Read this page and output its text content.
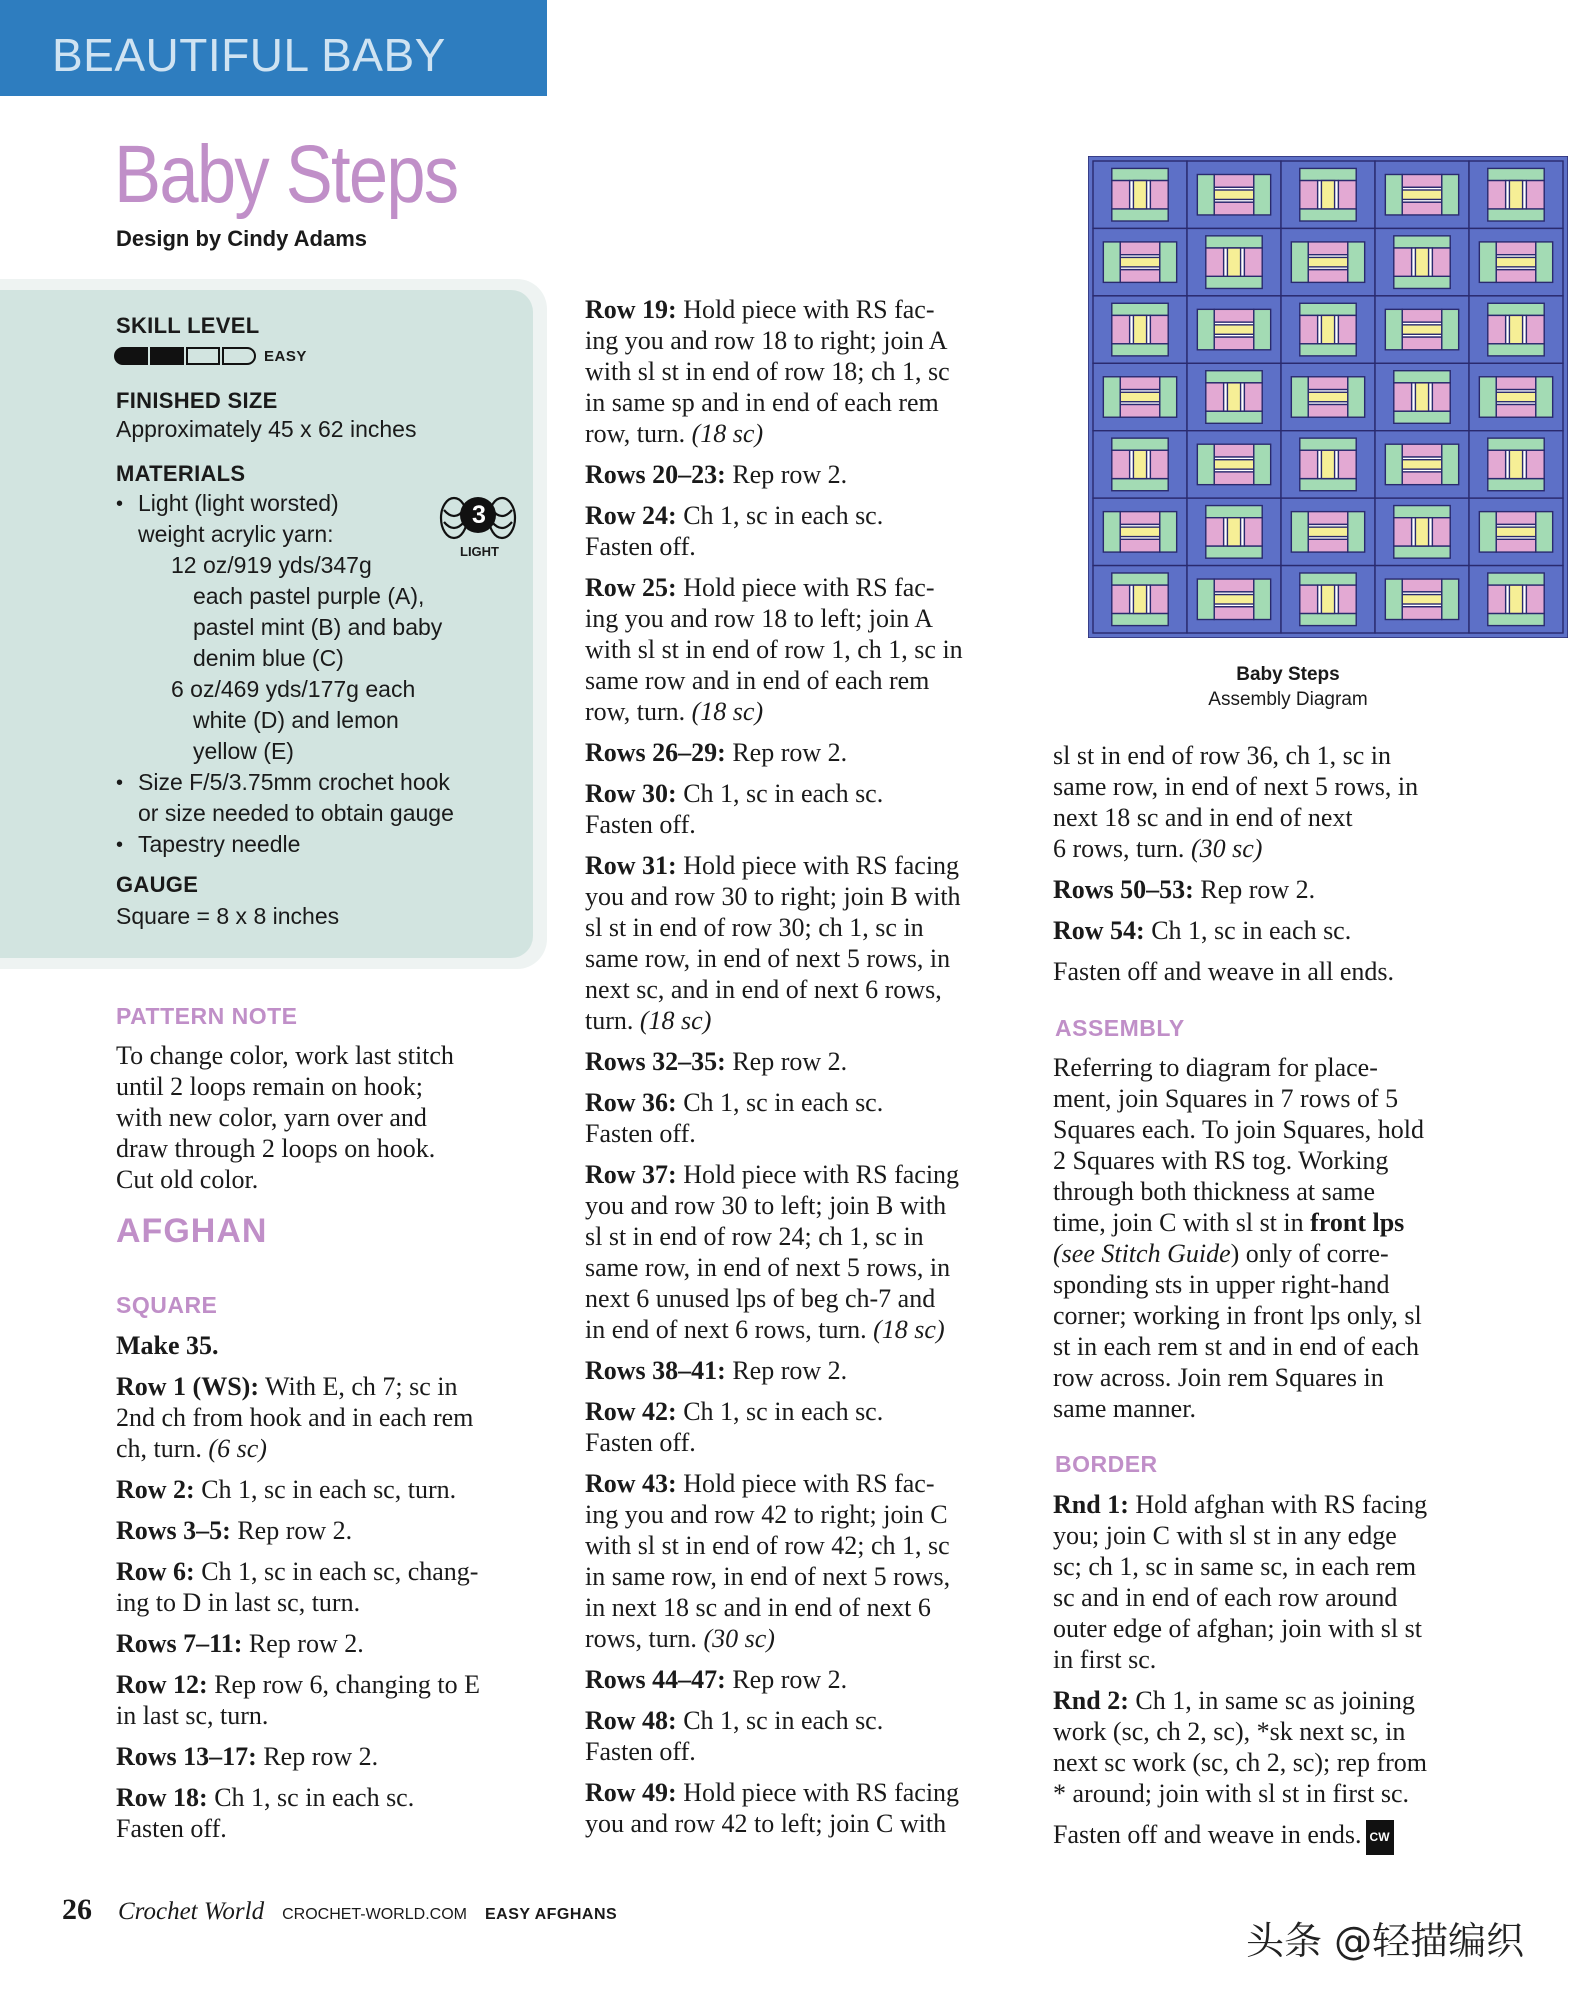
BEAUTIFUL BABY
Baby Steps
Design by Cindy Adams
SKILL LEVEL
EASY
FINISHED SIZE
Approximately 45 x 62 inches
MATERIALS
• Light (light worsted)
weight acrylic yarn:
12 oz/919 yds/347g
each pastel purple (A),
pastel mint (B) and baby
denim blue (C)
6 oz/469 yds/177g each
white (D) and lemon
yellow (E)
• Size F/5/3.75mm crochet hook
or size needed to obtain gauge
• Tapestry needle
3
LIGHT
GAUGE
Square = 8 x 8 inches
PATTERN NOTE
To change color, work last stitch
until 2 loops remain on hook;
with new color, yarn over and
draw through 2 loops on hook.
Cut old color.
AFGHAN
SQUARE

Make 35.

Row 1 (WS): With E, ch 7; sc in
2nd ch from hook and in each rem
ch, turn. (6 sc)

Row 2: Ch 1, sc in each sc, turn.

Rows 3–5: Rep row 2.

Row 6: Ch 1, sc in each sc, chang-
ing to D in last sc, turn.

Rows 7–11: Rep row 2.

Row 12: Rep row 6, changing to E
in last sc, turn.

Rows 13–17: Rep row 2.

Row 18: Ch 1, sc in each sc.
Fasten off.

Row 19: Hold piece with RS fac-
ing you and row 18 to right; join A
with sl st in end of row 18; ch 1, sc
in same sp and in end of each rem
row, turn. (18 sc)

Rows 20–23: Rep row 2.

Row 24: Ch 1, sc in each sc.
Fasten off.

Row 25: Hold piece with RS fac-
ing you and row 18 to left; join A
with sl st in end of row 1, ch 1, sc in
same row and in end of each rem
row, turn. (18 sc)

Rows 26–29: Rep row 2.

Row 30: Ch 1, sc in each sc.
Fasten off.

Row 31: Hold piece with RS facing
you and row 30 to right; join B with
sl st in end of row 30; ch 1, sc in
same row, in end of next 5 rows, in
next sc, and in end of next 6 rows,
turn. (18 sc)

Rows 32–35: Rep row 2.

Row 36: Ch 1, sc in each sc.
Fasten off.

Row 37: Hold piece with RS facing
you and row 30 to left; join B with
sl st in end of row 24; ch 1, sc in
same row, in end of next 5 rows, in
next 6 unused lps of beg ch-7 and
in end of next 6 rows, turn. (18 sc)

Rows 38–41: Rep row 2.

Row 42: Ch 1, sc in each sc.
Fasten off.

Row 43: Hold piece with RS fac-
ing you and row 42 to right; join C
with sl st in end of row 42; ch 1, sc
in same row, in end of next 5 rows,
in next 18 sc and in end of next 6
rows, turn. (30 sc)

Rows 44–47: Rep row 2.

Row 48: Ch 1, sc in each sc.
Fasten off.

Row 49: Hold piece with RS facing
you and row 42 to left; join C with

Baby Steps
Assembly Diagram

sl st in end of row 36, ch 1, sc in
same row, in end of next 5 rows, in
next 18 sc and in end of next
6 rows, turn. (30 sc)

Rows 50–53: Rep row 2.

Row 54: Ch 1, sc in each sc.

Fasten off and weave in all ends.

ASSEMBLY
Referring to diagram for place-
ment, join Squares in 7 rows of 5
Squares each. To join Squares, hold
2 Squares with RS tog. Working
through both thickness at same
time, join C with sl st in front lps
(see Stitch Guide) only of corre-
sponding sts in upper right-hand
corner; working in front lps only, sl
st in each rem st and in end of each
row across. Join rem Squares in
same manner.
BORDER

Rnd 1: Hold afghan with RS facing
you; join C with sl st in any edge
sc; ch 1, sc in same sc, in each rem
sc and in end of each row around
outer edge of afghan; join with sl st
in first sc.

Rnd 2: Ch 1, in same sc as joining
work (sc, ch 2, sc), *sk next sc, in
next sc work (sc, ch 2, sc); rep from
* around; join with sl st in first sc.

Fasten off and weave in ends. CW

26 Crochet World CROCHET-WORLD.COM EASY AFGHANS
头条 @轻描编织
